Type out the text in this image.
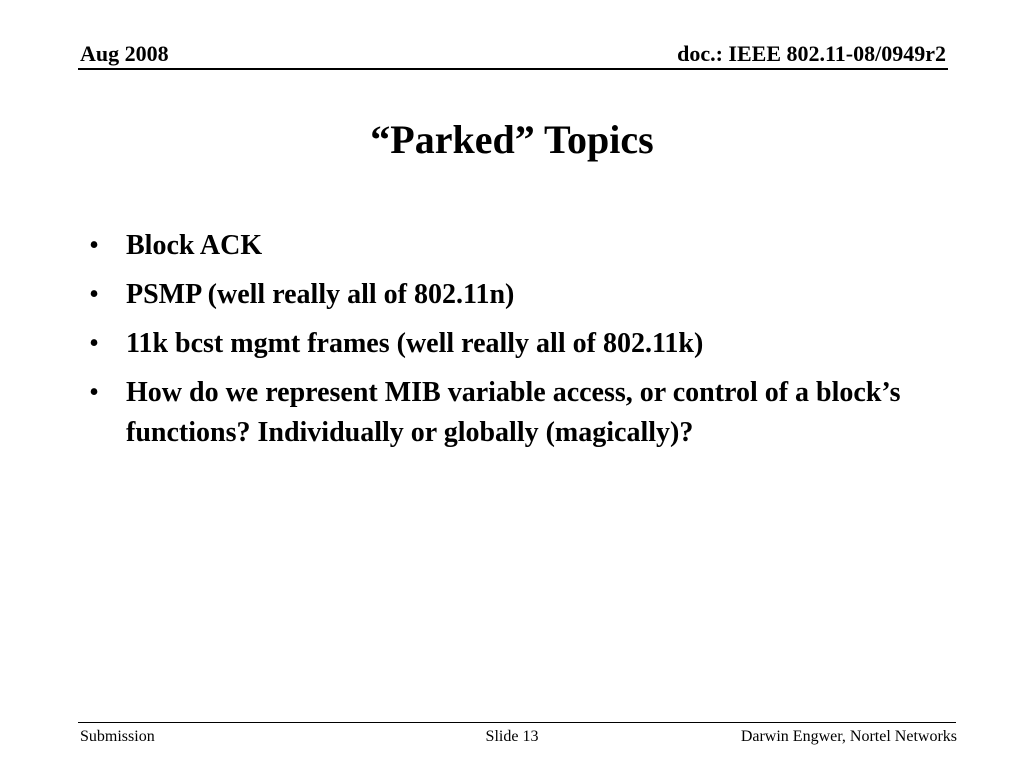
Aug 2008	doc.: IEEE 802.11-08/0949r2
“Parked” Topics
• Block ACK
• PSMP (well really all of 802.11n)
• 11k bcst mgmt frames (well really all of 802.11k)
• How do we represent MIB variable access, or control of a block’s functions? Individually or globally (magically)?
Submission	Slide 13	Darwin Engwer, Nortel Networks
